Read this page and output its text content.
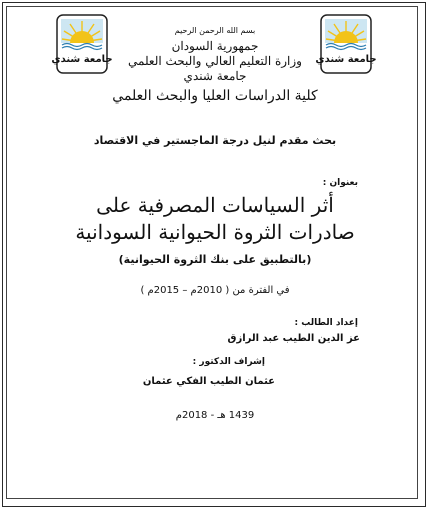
جامعة شندي	جامعة شندي
بسم الله الرحمن الرحيم
جمهورية السودان
وزارة التعليم العالي والبحث العلمي
جامعة شندي
كلية الدراسات العليا والبحث العلمي
بحث مقدم لنيل درجة الماجستير في الاقتصاد
بعنوان :
أثر السياسات المصرفية على
صادرات الثروة الحيوانية السودانية
(بالتطبيق على بنك الثروة الحيوانية)
في الفترة من ( 2010م – 2015م )
إعداد الطالب :
عز الدين الطيب عبد الرازق
إشراف الدكتور :
عثمان الطيب الفكي عثمان
1439 هـ - 2018م
